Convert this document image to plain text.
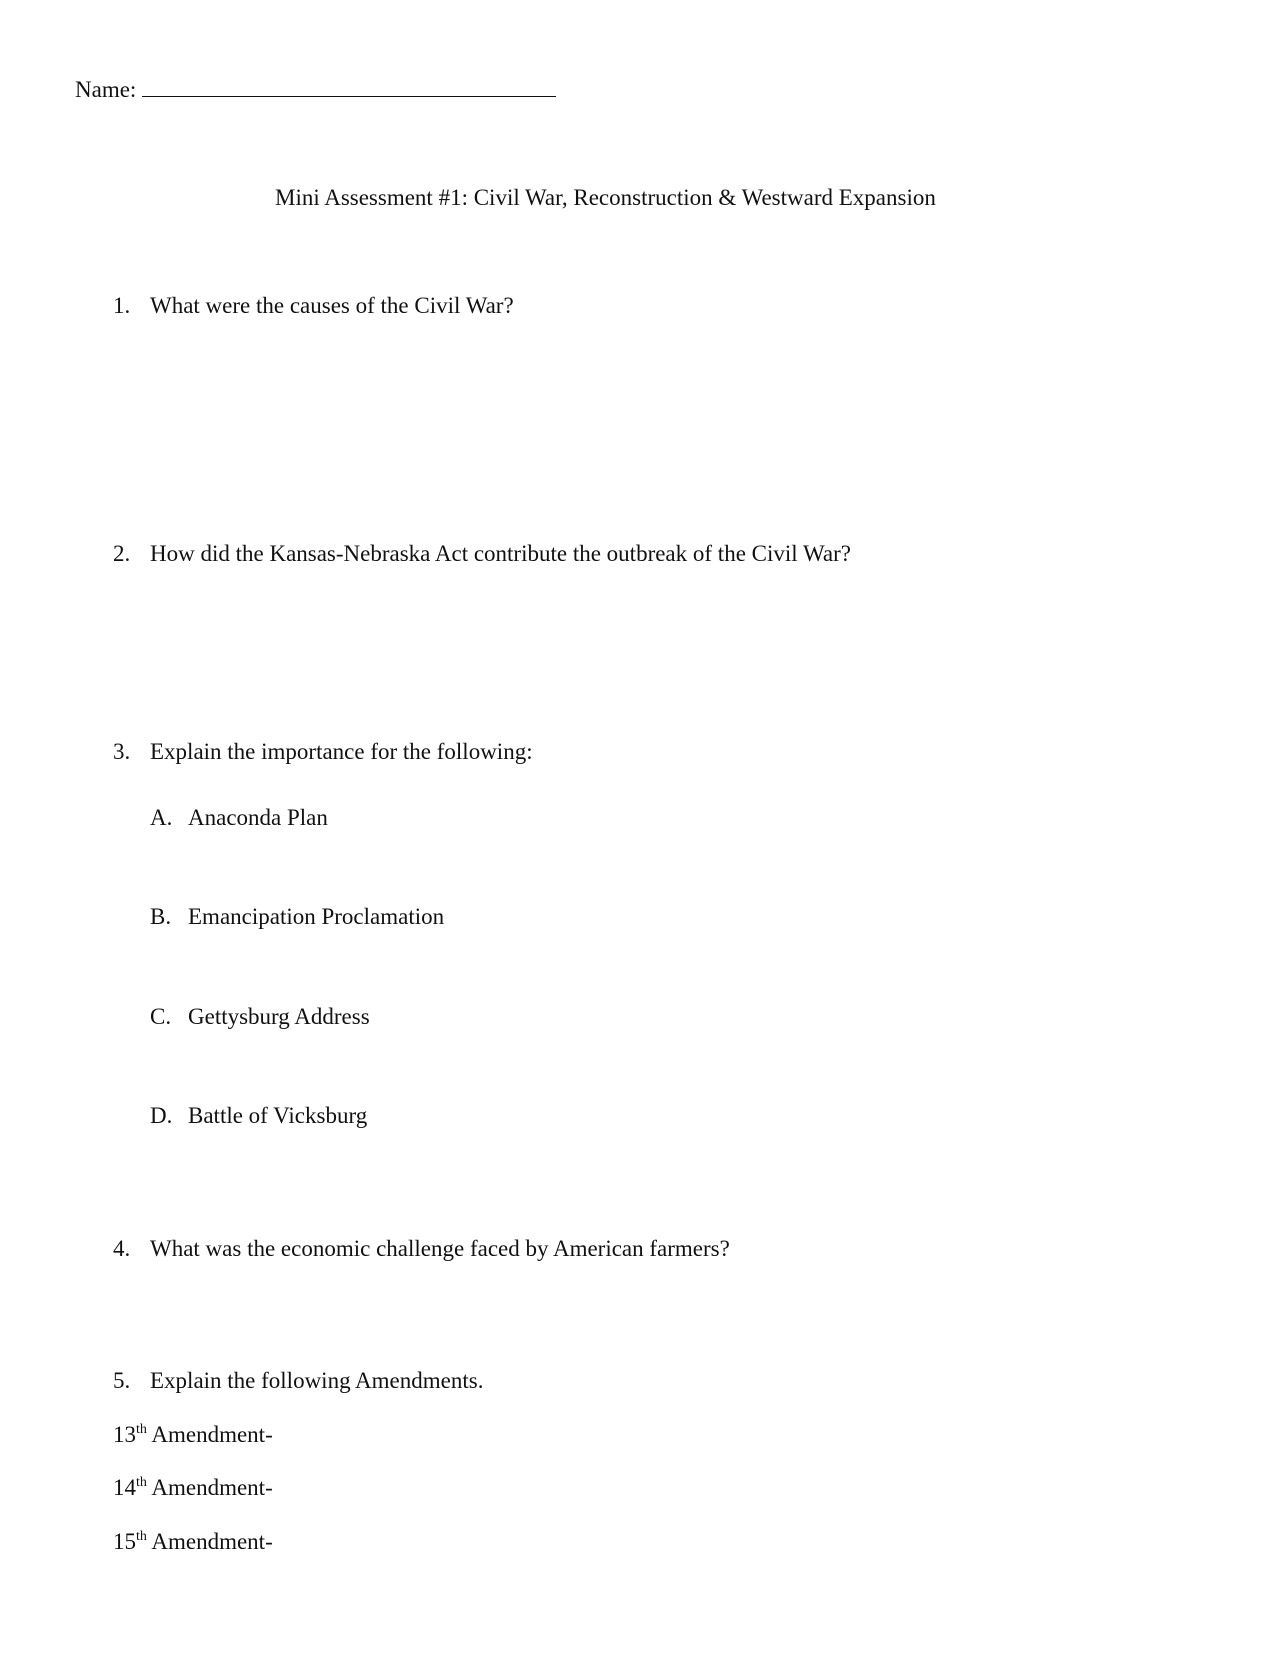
Name:
Mini Assessment #1: Civil War, Reconstruction & Westward Expansion
1. What were the causes of the Civil War?
2. How did the Kansas-Nebraska Act contribute the outbreak of the Civil War?
3. Explain the importance for the following:
A. Anaconda Plan
B. Emancipation Proclamation
C. Gettysburg Address
D. Battle of Vicksburg
4. What was the economic challenge faced by American farmers?
5. Explain the following Amendments.
13th Amendment-
14th Amendment-
15th Amendment-
